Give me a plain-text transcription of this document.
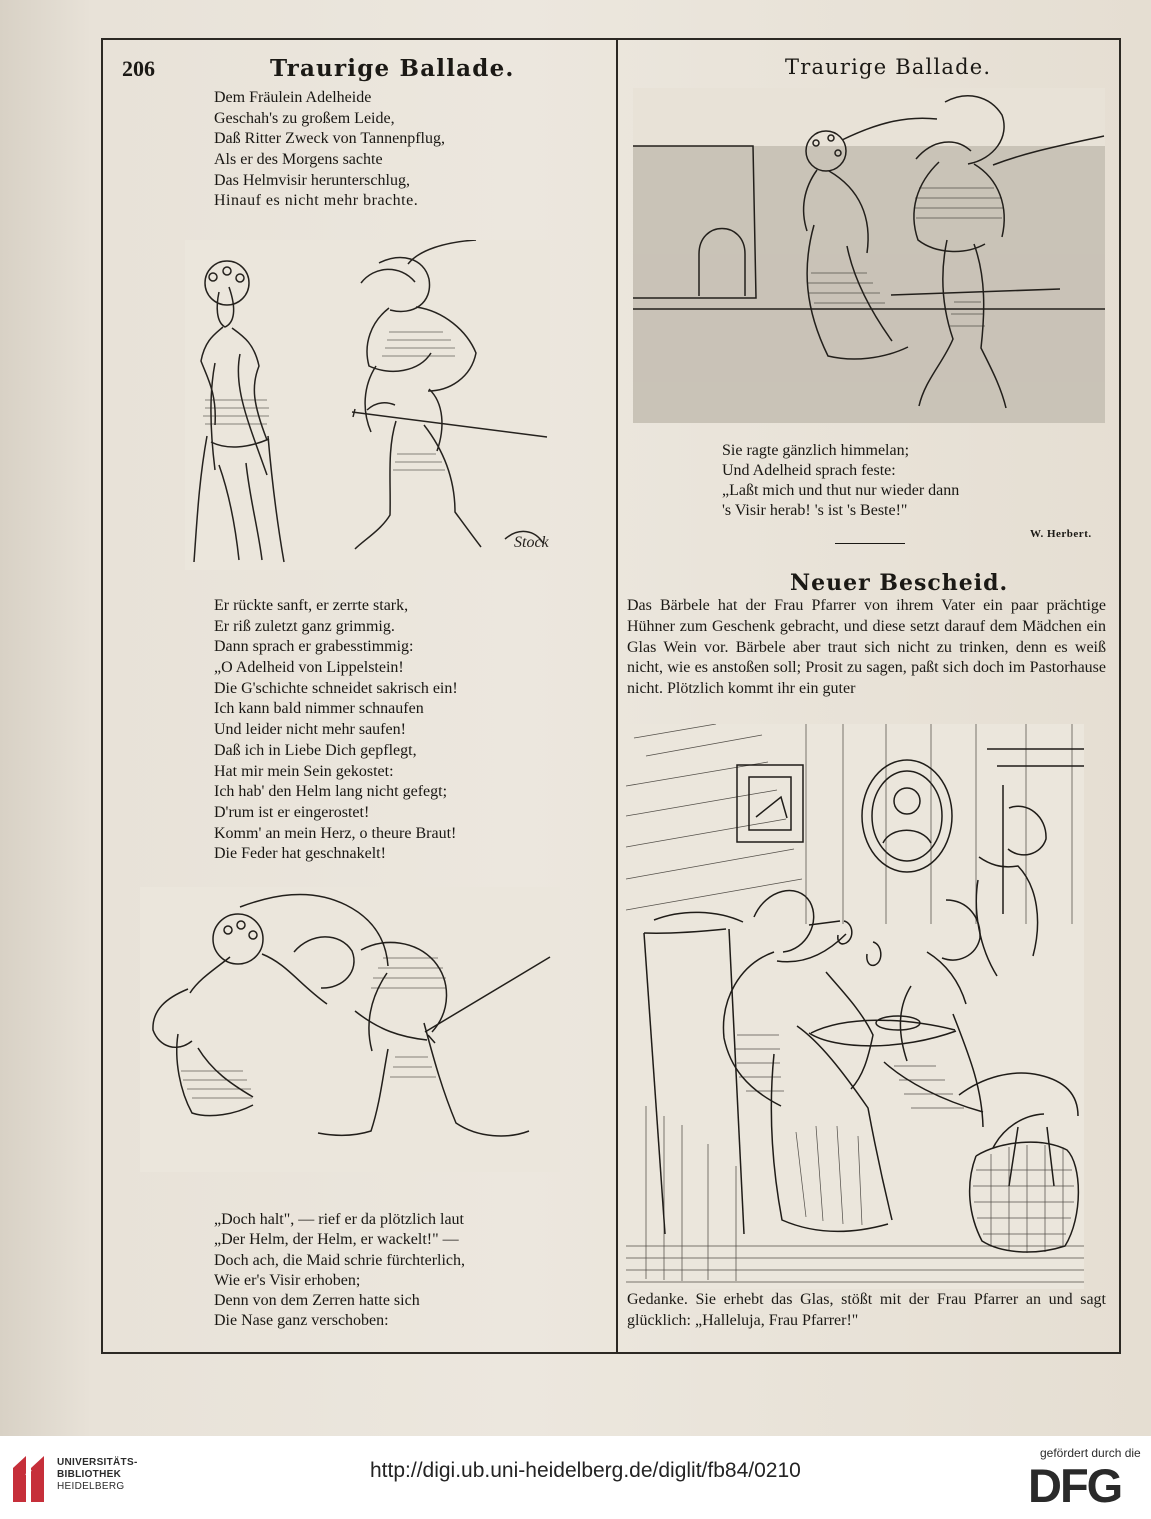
206	Traurige Ballade.	Traurige Ballade.
Dem Fräulein Adelheide
Geschah's zu großem Leide,
Daß Ritter Zweck von Tannenpflug,
Als er des Morgens sachte
Das Helmvisir herunterschlug,
Hinauf es nicht mehr brachte.
Stock
Er rückte sanft, er zerrte stark,
Er riß zuletzt ganz grimmig.
Dann sprach er grabesstimmig:
„O Adelheid von Lippelstein!
Die G'schichte schneidet sakrisch ein!
Ich kann bald nimmer schnaufen
Und leider nicht mehr saufen!
Daß ich in Liebe Dich gepflegt,
Hat mir mein Sein gekostet:
Ich hab' den Helm lang nicht gefegt;
D'rum ist er eingerostet!
Komm' an mein Herz, o theure Braut!
Die Feder hat geschnakelt!
„Doch halt", — rief er da plötzlich laut
„Der Helm, der Helm, er wackelt!" —
Doch ach, die Maid schrie fürchterlich,
Wie er's Visir erhoben;
Denn von dem Zerren hatte sich
Die Nase ganz verschoben:
Sie ragte gänzlich himmelan;
Und Adelheid sprach feste:
„Laßt mich und thut nur wieder dann
's Visir herab! 's ist 's Beste!"
W. Herbert.
Neuer Bescheid.

Das Bärbele hat der Frau Pfarrer von ihrem Vater ein paar prächtige Hühner zum Geschenk gebracht, und diese setzt darauf dem Mädchen ein Glas Wein vor. Bärbele aber traut sich nicht zu trinken, denn es weiß nicht, wie es anstoßen soll; Prosit zu sagen, paßt sich doch im Pastorhause nicht. Plötzlich kommt ihr ein guter

Gedanke. Sie erhebt das Glas, stößt mit der Frau Pfarrer an und sagt glücklich: „Halleluja, Frau Pfarrer!"

UNIVERSITÄTS-
BIBLIOTHEK
HEIDELBERG
http://digi.ub.uni-heidelberg.de/diglit/fb84/0210
gefördert durch die
DFG
